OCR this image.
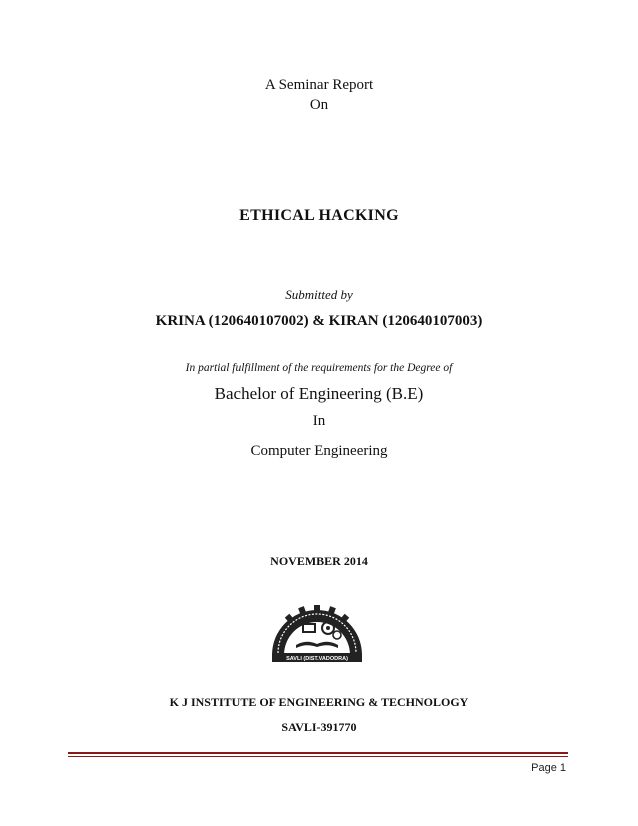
A Seminar Report
On
ETHICAL HACKING
Submitted by
KRINA (120640107002) & KIRAN (120640107003)
In partial fulfillment of the requirements for the Degree of
Bachelor of Engineering (B.E)
In
Computer Engineering
NOVEMBER 2014
SAVLI (DIST.VADODRA)
K J INSTITUTE OF ENGINEERING & TECHNOLOGY
SAVLI-391770
Page 1
